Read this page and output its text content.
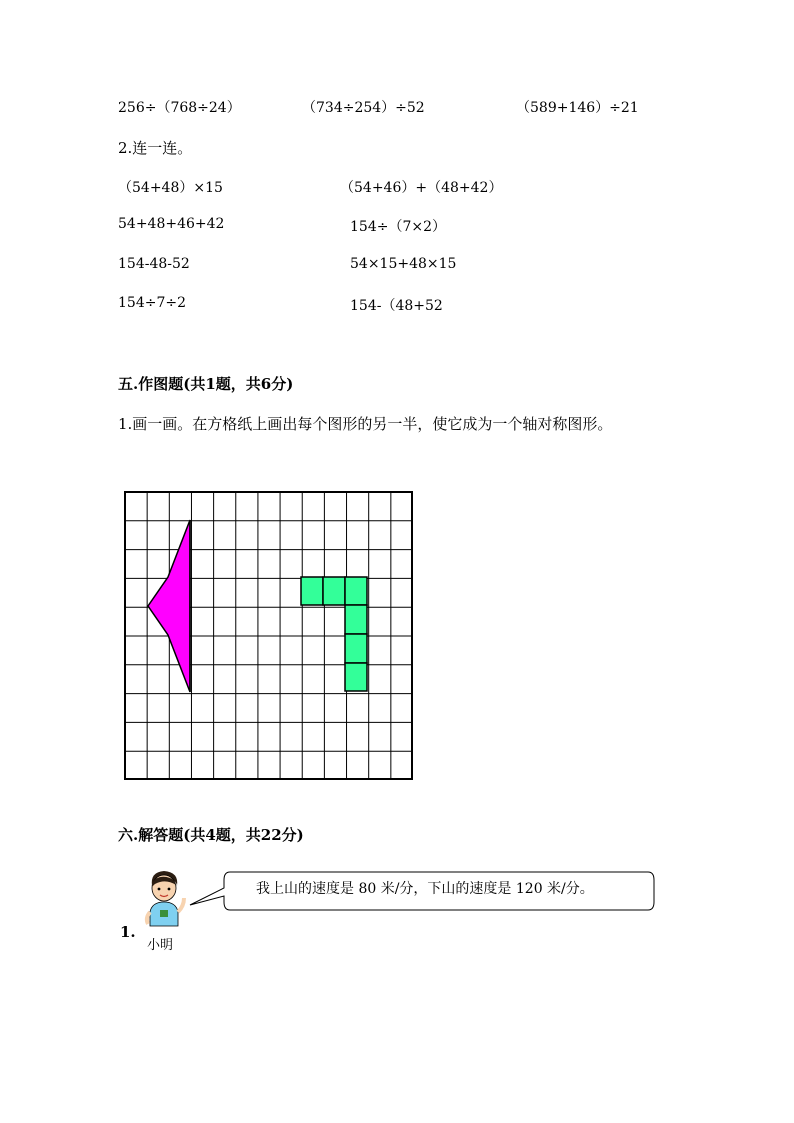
256÷（768÷24）	（734÷254）÷52	（589+146）÷21
2.连一连。
（54+48）×15
54+48+46+42
154-48-52
154÷7÷2
（54+46）+（48+42）
154÷（7×2）
54×15+48×15
154-（48+52
五.作图题(共1题，共6分)
1.画一画。在方格纸上画出每个图形的另一半，使它成为一个轴对称图形。
六.解答题(共4题，共22分)
小明
1.
我上山的速度是 80 米/分，下山的速度是 120 米/分。
